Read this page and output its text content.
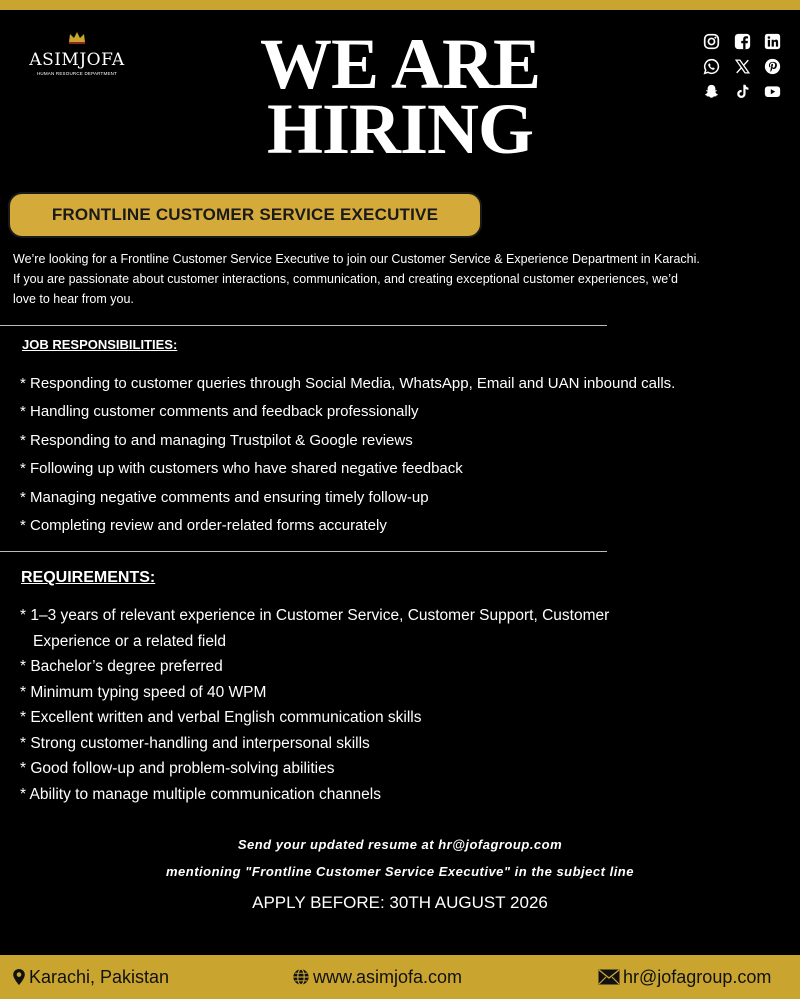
ASIMJOFA
HUMAN RESOURCE DEPARTMENT	WE ARE
HIRING
FRONTLINE CUSTOMER SERVICE EXECUTIVE
We’re looking for a Frontline Customer Service Executive to join our Customer Service & Experience Department in Karachi.
If you are passionate about customer interactions, communication, and creating exceptional customer experiences, we’d
love to hear from you.
JOB RESPONSIBILITIES:
* Responding to customer queries through Social Media, WhatsApp, Email and UAN inbound calls.
* Handling customer comments and feedback professionally
* Responding to and managing Trustpilot & Google reviews
* Following up with customers who have shared negative feedback
* Managing negative comments and ensuring timely follow-up
* Completing review and order-related forms accurately
REQUIREMENTS:
* 1–3 years of relevant experience in Customer Service, Customer Support, Customer
Experience or a related field
* Bachelor’s degree preferred
* Minimum typing speed of 40 WPM
* Excellent written and verbal English communication skills
* Strong customer-handling and interpersonal skills
* Good follow-up and problem-solving abilities
* Ability to manage multiple communication channels
Send your updated resume at hr@jofagroup.com
mentioning "Frontline Customer Service Executive" in the subject line
APPLY BEFORE: 30TH AUGUST 2026
Karachi, Pakistan	www.asimjofa.com	hr@jofagroup.com
